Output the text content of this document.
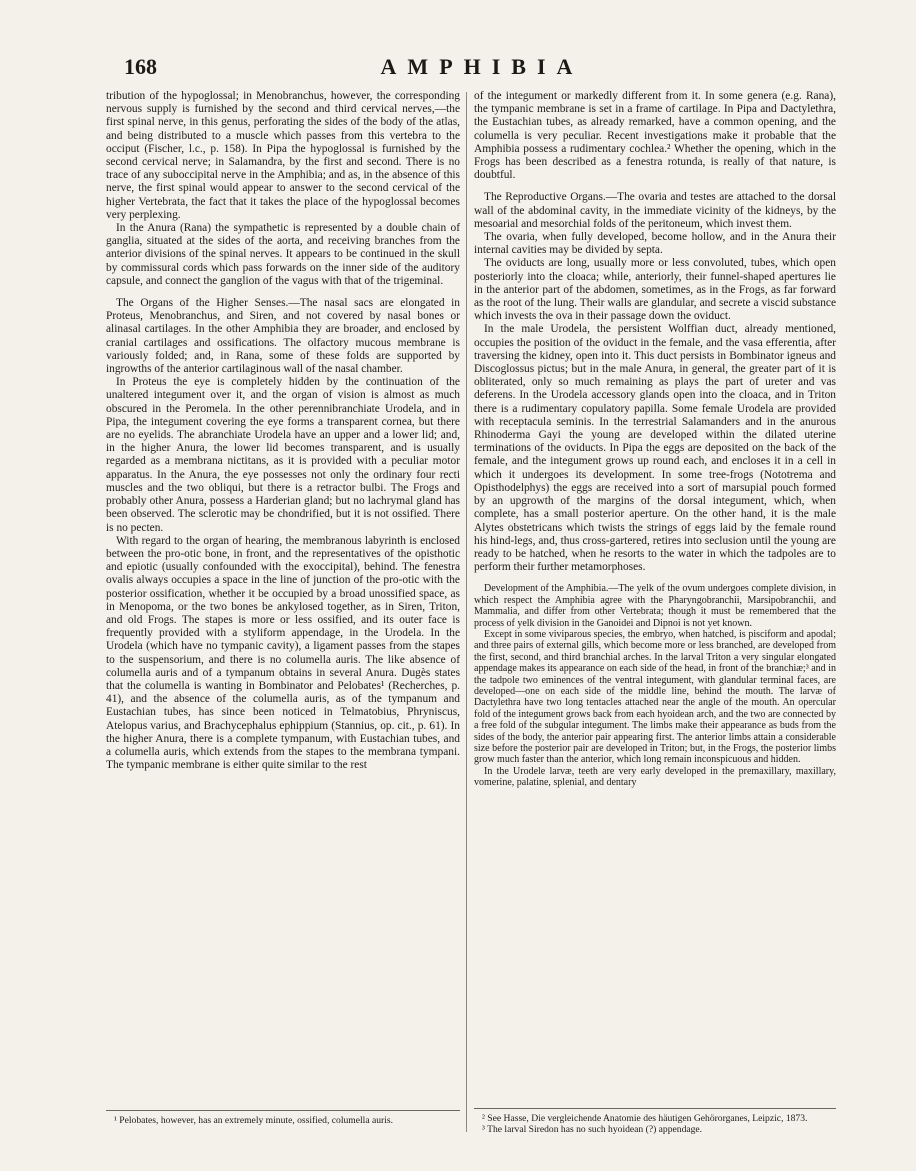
168	AMPHIBIA

tribution of the hypoglossal; in Menobranchus, however, the corresponding nervous supply is furnished by the second and third cervical nerves,—the first spinal nerve, in this genus, perforating the sides of the body of the atlas, and being distributed to a muscle which passes from this vertebra to the occiput (Fischer, l.c., p. 158). In Pipa the hypoglossal is furnished by the second cervical nerve; in Salamandra, by the first and second. There is no trace of any suboccipital nerve in the Amphibia; and as, in the absence of this nerve, the first spinal would appear to answer to the second cervical of the higher Vertebrata, the fact that it takes the place of the hypoglossal becomes very perplexing.

In the Anura (Rana) the sympathetic is represented by a double chain of ganglia, situated at the sides of the aorta, and receiving branches from the anterior divisions of the spinal nerves. It appears to be continued in the skull by commissural cords which pass forwards on the inner side of the auditory capsule, and connect the ganglion of the vagus with that of the trigeminal.

The Organs of the Higher Senses.—The nasal sacs are elongated in Proteus, Menobranchus, and Siren, and not covered by nasal bones or alinasal cartilages. In the other Amphibia they are broader, and enclosed by cranial cartilages and ossifications. The olfactory mucous membrane is variously folded; and, in Rana, some of these folds are supported by ingrowths of the anterior cartilaginous wall of the nasal chamber.

In Proteus the eye is completely hidden by the continuation of the unaltered integument over it, and the organ of vision is almost as much obscured in the Peromela. In the other perennibranchiate Urodela, and in Pipa, the integument covering the eye forms a transparent cornea, but there are no eyelids. The abranchiate Urodela have an upper and a lower lid; and, in the higher Anura, the lower lid becomes transparent, and is usually regarded as a membrana nictitans, as it is provided with a peculiar motor apparatus. In the Anura, the eye possesses not only the ordinary four recti muscles and the two obliqui, but there is a retractor bulbi. The Frogs and probably other Anura, possess a Harderian gland; but no lachrymal gland has been observed. The sclerotic may be chondrified, but it is not ossified. There is no pecten.

With regard to the organ of hearing, the membranous labyrinth is enclosed between the pro-otic bone, in front, and the representatives of the opisthotic and epiotic (usually confounded with the exoccipital), behind. The fenestra ovalis always occupies a space in the line of junction of the pro-otic with the posterior ossification, whether it be occupied by a broad unossified space, as in Menopoma, or the two bones be ankylosed together, as in Siren, Triton, and old Frogs. The stapes is more or less ossified, and its outer face is frequently provided with a styliform appendage, in the Urodela. In the Urodela (which have no tympanic cavity), a ligament passes from the stapes to the suspensorium, and there is no columella auris. The like absence of columella auris and of a tympanum obtains in several Anura. Dugès states that the columella is wanting in Bombinator and Pelobates¹ (Recherches, p. 41), and the absence of the columella auris, as of the tympanum and Eustachian tubes, has since been noticed in Telmatobius, Phryniscus, Atelopus varius, and Brachycephalus ephippium (Stannius, op. cit., p. 61). In the higher Anura, there is a complete tympanum, with Eustachian tubes, and a columella auris, which extends from the stapes to the membrana tympani. The tympanic membrane is either quite similar to the rest

¹ Pelobates, however, has an extremely minute, ossified, columella auris.

of the integument or markedly different from it. In some genera (e.g. Rana), the tympanic membrane is set in a frame of cartilage. In Pipa and Dactylethra, the Eustachian tubes, as already remarked, have a common opening, and the columella is very peculiar. Recent investigations make it probable that the Amphibia possess a rudimentary cochlea.² Whether the opening, which in the Frogs has been described as a fenestra rotunda, is really of that nature, is doubtful.

The Reproductive Organs.—The ovaria and testes are attached to the dorsal wall of the abdominal cavity, in the immediate vicinity of the kidneys, by the mesoarial and mesorchial folds of the peritoneum, which invest them.

The ovaria, when fully developed, become hollow, and in the Anura their internal cavities may be divided by septa.

The oviducts are long, usually more or less convoluted, tubes, which open posteriorly into the cloaca; while, anteriorly, their funnel-shaped apertures lie in the anterior part of the abdomen, sometimes, as in the Frogs, as far forward as the root of the lung. Their walls are glandular, and secrete a viscid substance which invests the ova in their passage down the oviduct.

In the male Urodela, the persistent Wolffian duct, already mentioned, occupies the position of the oviduct in the female, and the vasa efferentia, after traversing the kidney, open into it. This duct persists in Bombinator igneus and Discoglossus pictus; but in the male Anura, in general, the greater part of it is obliterated, only so much remaining as plays the part of ureter and vas deferens. In the Urodela accessory glands open into the cloaca, and in Triton there is a rudimentary copulatory papilla. Some female Urodela are provided with receptacula seminis. In the terrestrial Salamanders and in the anurous Rhinoderma Gayi the young are developed within the dilated uterine terminations of the oviducts. In Pipa the eggs are deposited on the back of the female, and the integument grows up round each, and encloses it in a cell in which it undergoes its development. In some tree-frogs (Nototrema and Opisthodelphys) the eggs are received into a sort of marsupial pouch formed by an upgrowth of the margins of the dorsal integument, which, when complete, has a small posterior aperture. On the other hand, it is the male Alytes obstetricans which twists the strings of eggs laid by the female round his hind-legs, and, thus cross-gartered, retires into seclusion until the young are ready to be hatched, when he resorts to the water in which the tadpoles are to perform their further metamorphoses.

Development of the Amphibia.—The yelk of the ovum undergoes complete division, in which respect the Amphibia agree with the Pharyngobranchii, Marsipobranchii, and Mammalia, and differ from other Vertebrata; though it must be remembered that the process of yelk division in the Ganoidei and Dipnoi is not yet known.

Except in some viviparous species, the embryo, when hatched, is pisciform and apodal; and three pairs of external gills, which become more or less branched, are developed from the first, second, and third branchial arches. In the larval Triton a very singular elongated appendage makes its appearance on each side of the head, in front of the branchiæ;³ and in the tadpole two eminences of the ventral integument, with glandular terminal faces, are developed—one on each side of the middle line, behind the mouth. The larvæ of Dactylethra have two long tentacles attached near the angle of the mouth. An opercular fold of the integument grows back from each hyoidean arch, and the two are connected by a free fold of the subgular integument. The limbs make their appearance as buds from the sides of the body, the anterior pair appearing first. The anterior limbs attain a considerable size before the posterior pair are developed in Triton; but, in the Frogs, the posterior limbs grow much faster than the anterior, which long remain inconspicuous and hidden.

In the Urodele larvæ, teeth are very early developed in the premaxillary, maxillary, vomerine, palatine, splenial, and dentary

² See Hasse, Die vergleichende Anatomie des häutigen Gehörorganes, Leipzic, 1873.

³ The larval Siredon has no such hyoidean (?) appendage.
